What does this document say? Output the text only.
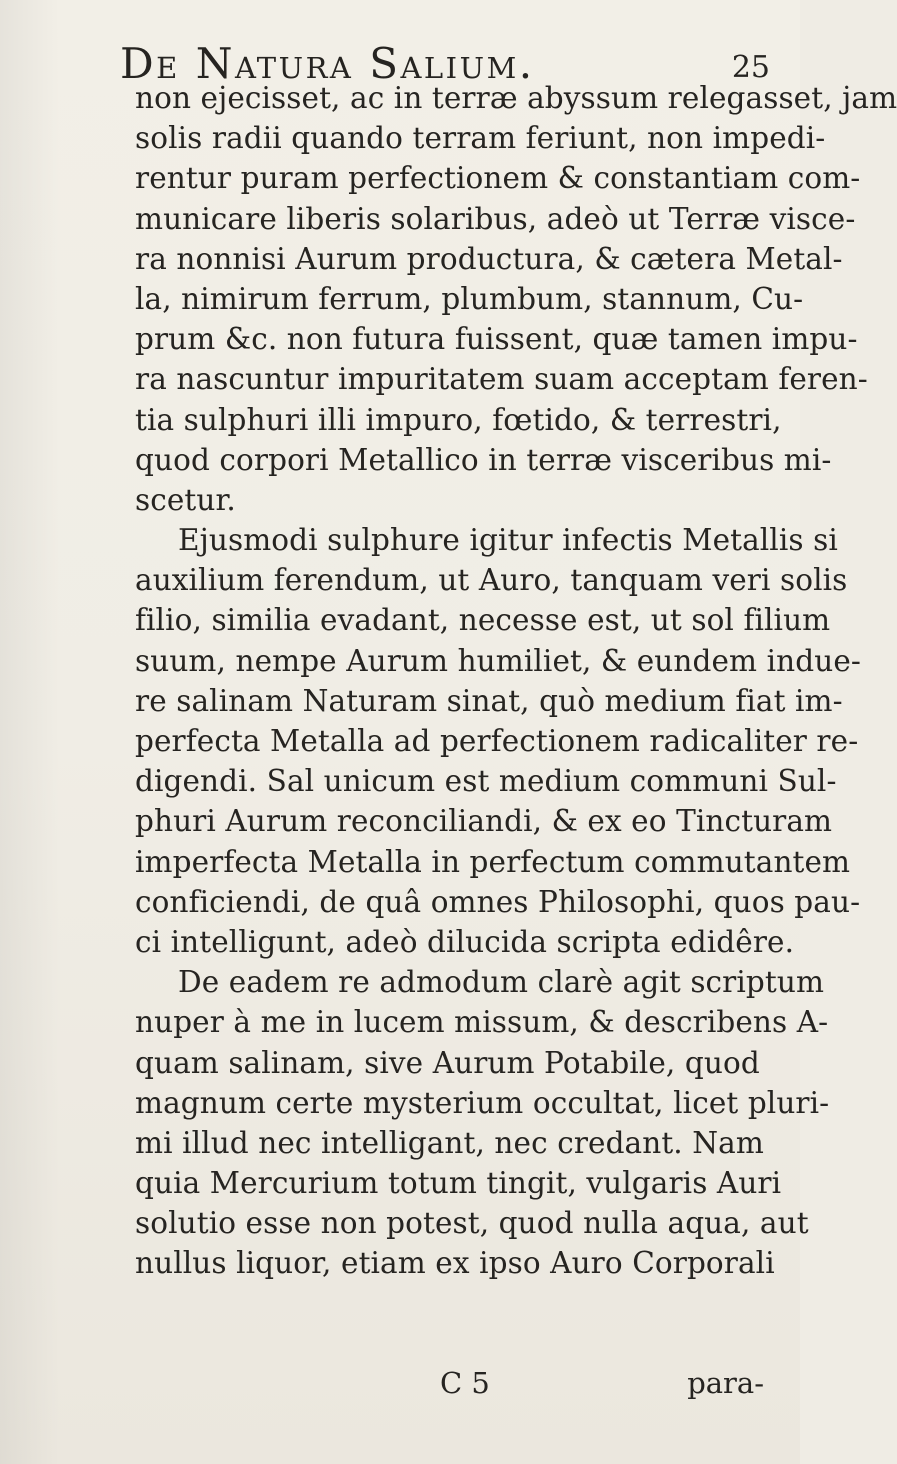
De Natura Salium.	25
non ejecisset, ac in terræ abyssum relegasset, jam
solis radii quando terram feriunt, non impedi-
rentur puram perfectionem & constantiam com-
municare liberis solaribus, adeò ut Terræ visce-
ra nonnisi Aurum productura, & cætera Metal-
la, nimirum ferrum, plumbum, stannum, Cu-
prum &c. non futura fuissent, quæ tamen impu-
ra nascuntur impuritatem suam acceptam feren-
tia sulphuri illi impuro, fœtido, & terrestri,
quod corpori Metallico in terræ visceribus mi-
scetur.
Ejusmodi sulphure igitur infectis Metallis si
auxilium ferendum, ut Auro, tanquam veri solis
filio, similia evadant, necesse est, ut sol filium
suum, nempe Aurum humiliet, & eundem indue-
re salinam Naturam sinat, quò medium fiat im-
perfecta Metalla ad perfectionem radicaliter re-
digendi. Sal unicum est medium communi Sul-
phuri Aurum reconciliandi, & ex eo Tincturam
imperfecta Metalla in perfectum commutantem
conficiendi, de quâ omnes Philosophi, quos pau-
ci intelligunt, adeò dilucida scripta edidêre.
De eadem re admodum clarè agit scriptum
nuper à me in lucem missum, & describens A-
quam salinam, sive Aurum Potabile, quod
magnum certe mysterium occultat, licet pluri-
mi illud nec intelligant, nec credant. Nam
quia Mercurium totum tingit, vulgaris Auri
solutio esse non potest, quod nulla aqua, aut
nullus liquor, etiam ex ipso Auro Corporali
C 5	para-
